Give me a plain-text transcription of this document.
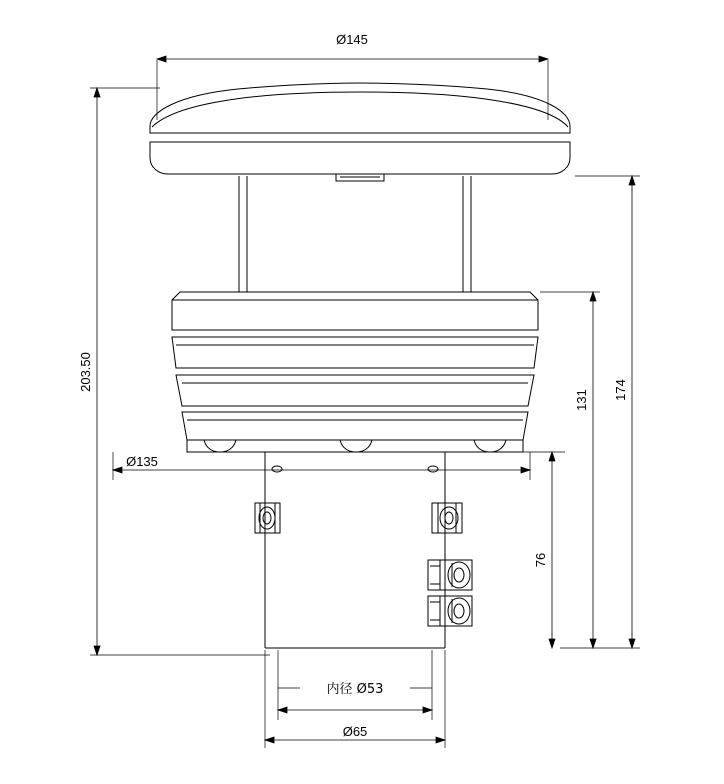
Ø145
203.50	174
131
76
Ø135
内径 Ø53
Ø65
